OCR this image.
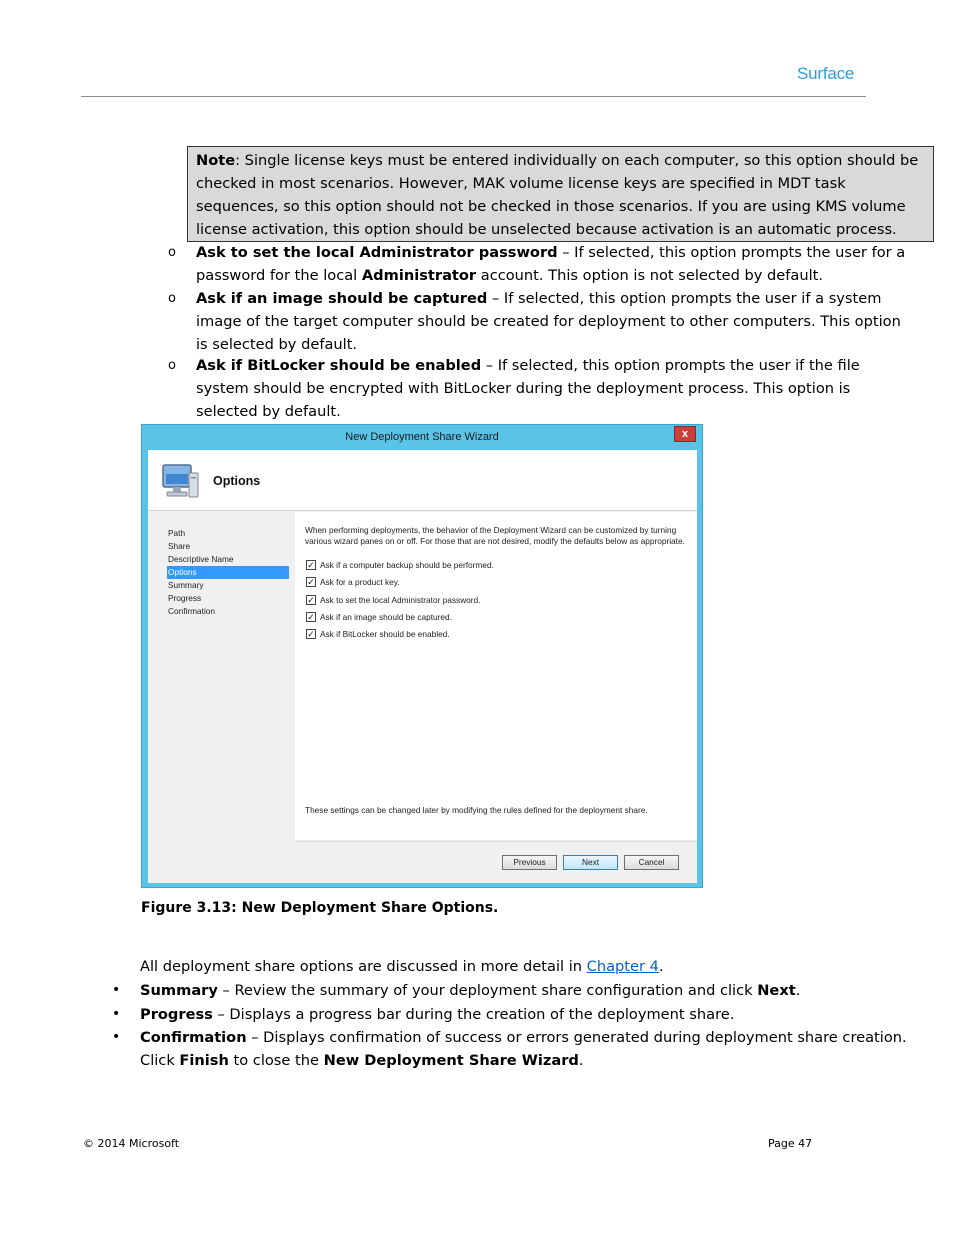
Surface
Note: Single license keys must be entered individually on each computer, so this option should be checked in most scenarios. However, MAK volume license keys are specified in MDT task sequences, so this option should not be checked in those scenarios. If you are using KMS volume license activation, this option should be unselected because activation is an automatic process.
o	Ask to set the local Administrator password – If selected, this option prompts the user for a password for the local Administrator account. This option is not selected by default.
o	Ask if an image should be captured – If selected, this option prompts the user if a system image of the target computer should be created for deployment to other computers. This option is selected by default.
o	Ask if BitLocker should be enabled – If selected, this option prompts the user if the file system should be encrypted with BitLocker during the deployment process. This option is selected by default.
New Deployment Share Wizard	x
Options
Path
Share
Descriptive Name
Options
Summary
Progress
Confirmation
When performing deployments, the behavior of the Deployment Wizard can be customized by turning various wizard panes on or off. For those that are not desired, modify the defaults below as appropriate.
✓ Ask if a computer backup should be performed.
✓ Ask for a product key.
✓ Ask to set the local Administrator password.
✓ Ask if an image should be captured.
✓ Ask if BitLocker should be enabled.
These settings can be changed later by modifying the rules defined for the deployment share.
Previous	Next	Cancel
Figure 3.13: New Deployment Share Options.
All deployment share options are discussed in more detail in Chapter 4.
• Summary – Review the summary of your deployment share configuration and click Next.
• Progress – Displays a progress bar during the creation of the deployment share.
• Confirmation – Displays confirmation of success or errors generated during deployment share creation. Click Finish to close the New Deployment Share Wizard.
© 2014 Microsoft	Page 47
